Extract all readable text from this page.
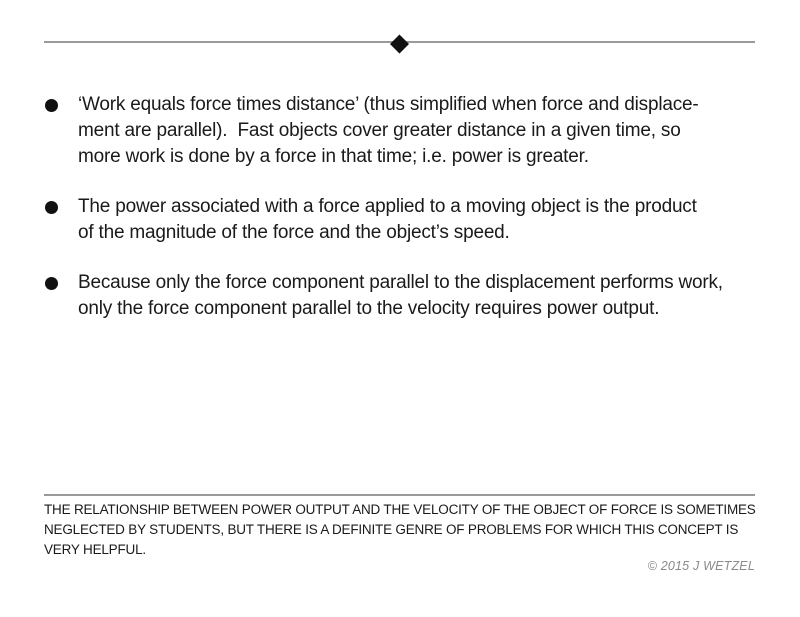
◆
‘Work equals force times distance’ (thus simplified when force and displace-
ment are parallel).  Fast objects cover greater distance in a given time, so
more work is done by a force in that time; i.e. power is greater.
The power associated with a force applied to a moving object is the product
of the magnitude of the force and the object’s speed.
Because only the force component parallel to the displacement performs work,
only the force component parallel to the velocity requires power output.
THE RELATIONSHIP BETWEEN POWER OUTPUT AND THE VELOCITY OF THE OBJECT OF FORCE IS SOMETIMES
NEGLECTED BY STUDENTS, BUT THERE IS A DEFINITE GENRE OF PROBLEMS FOR WHICH THIS CONCEPT IS
VERY HELPFUL.
© 2015 J WETZEL
